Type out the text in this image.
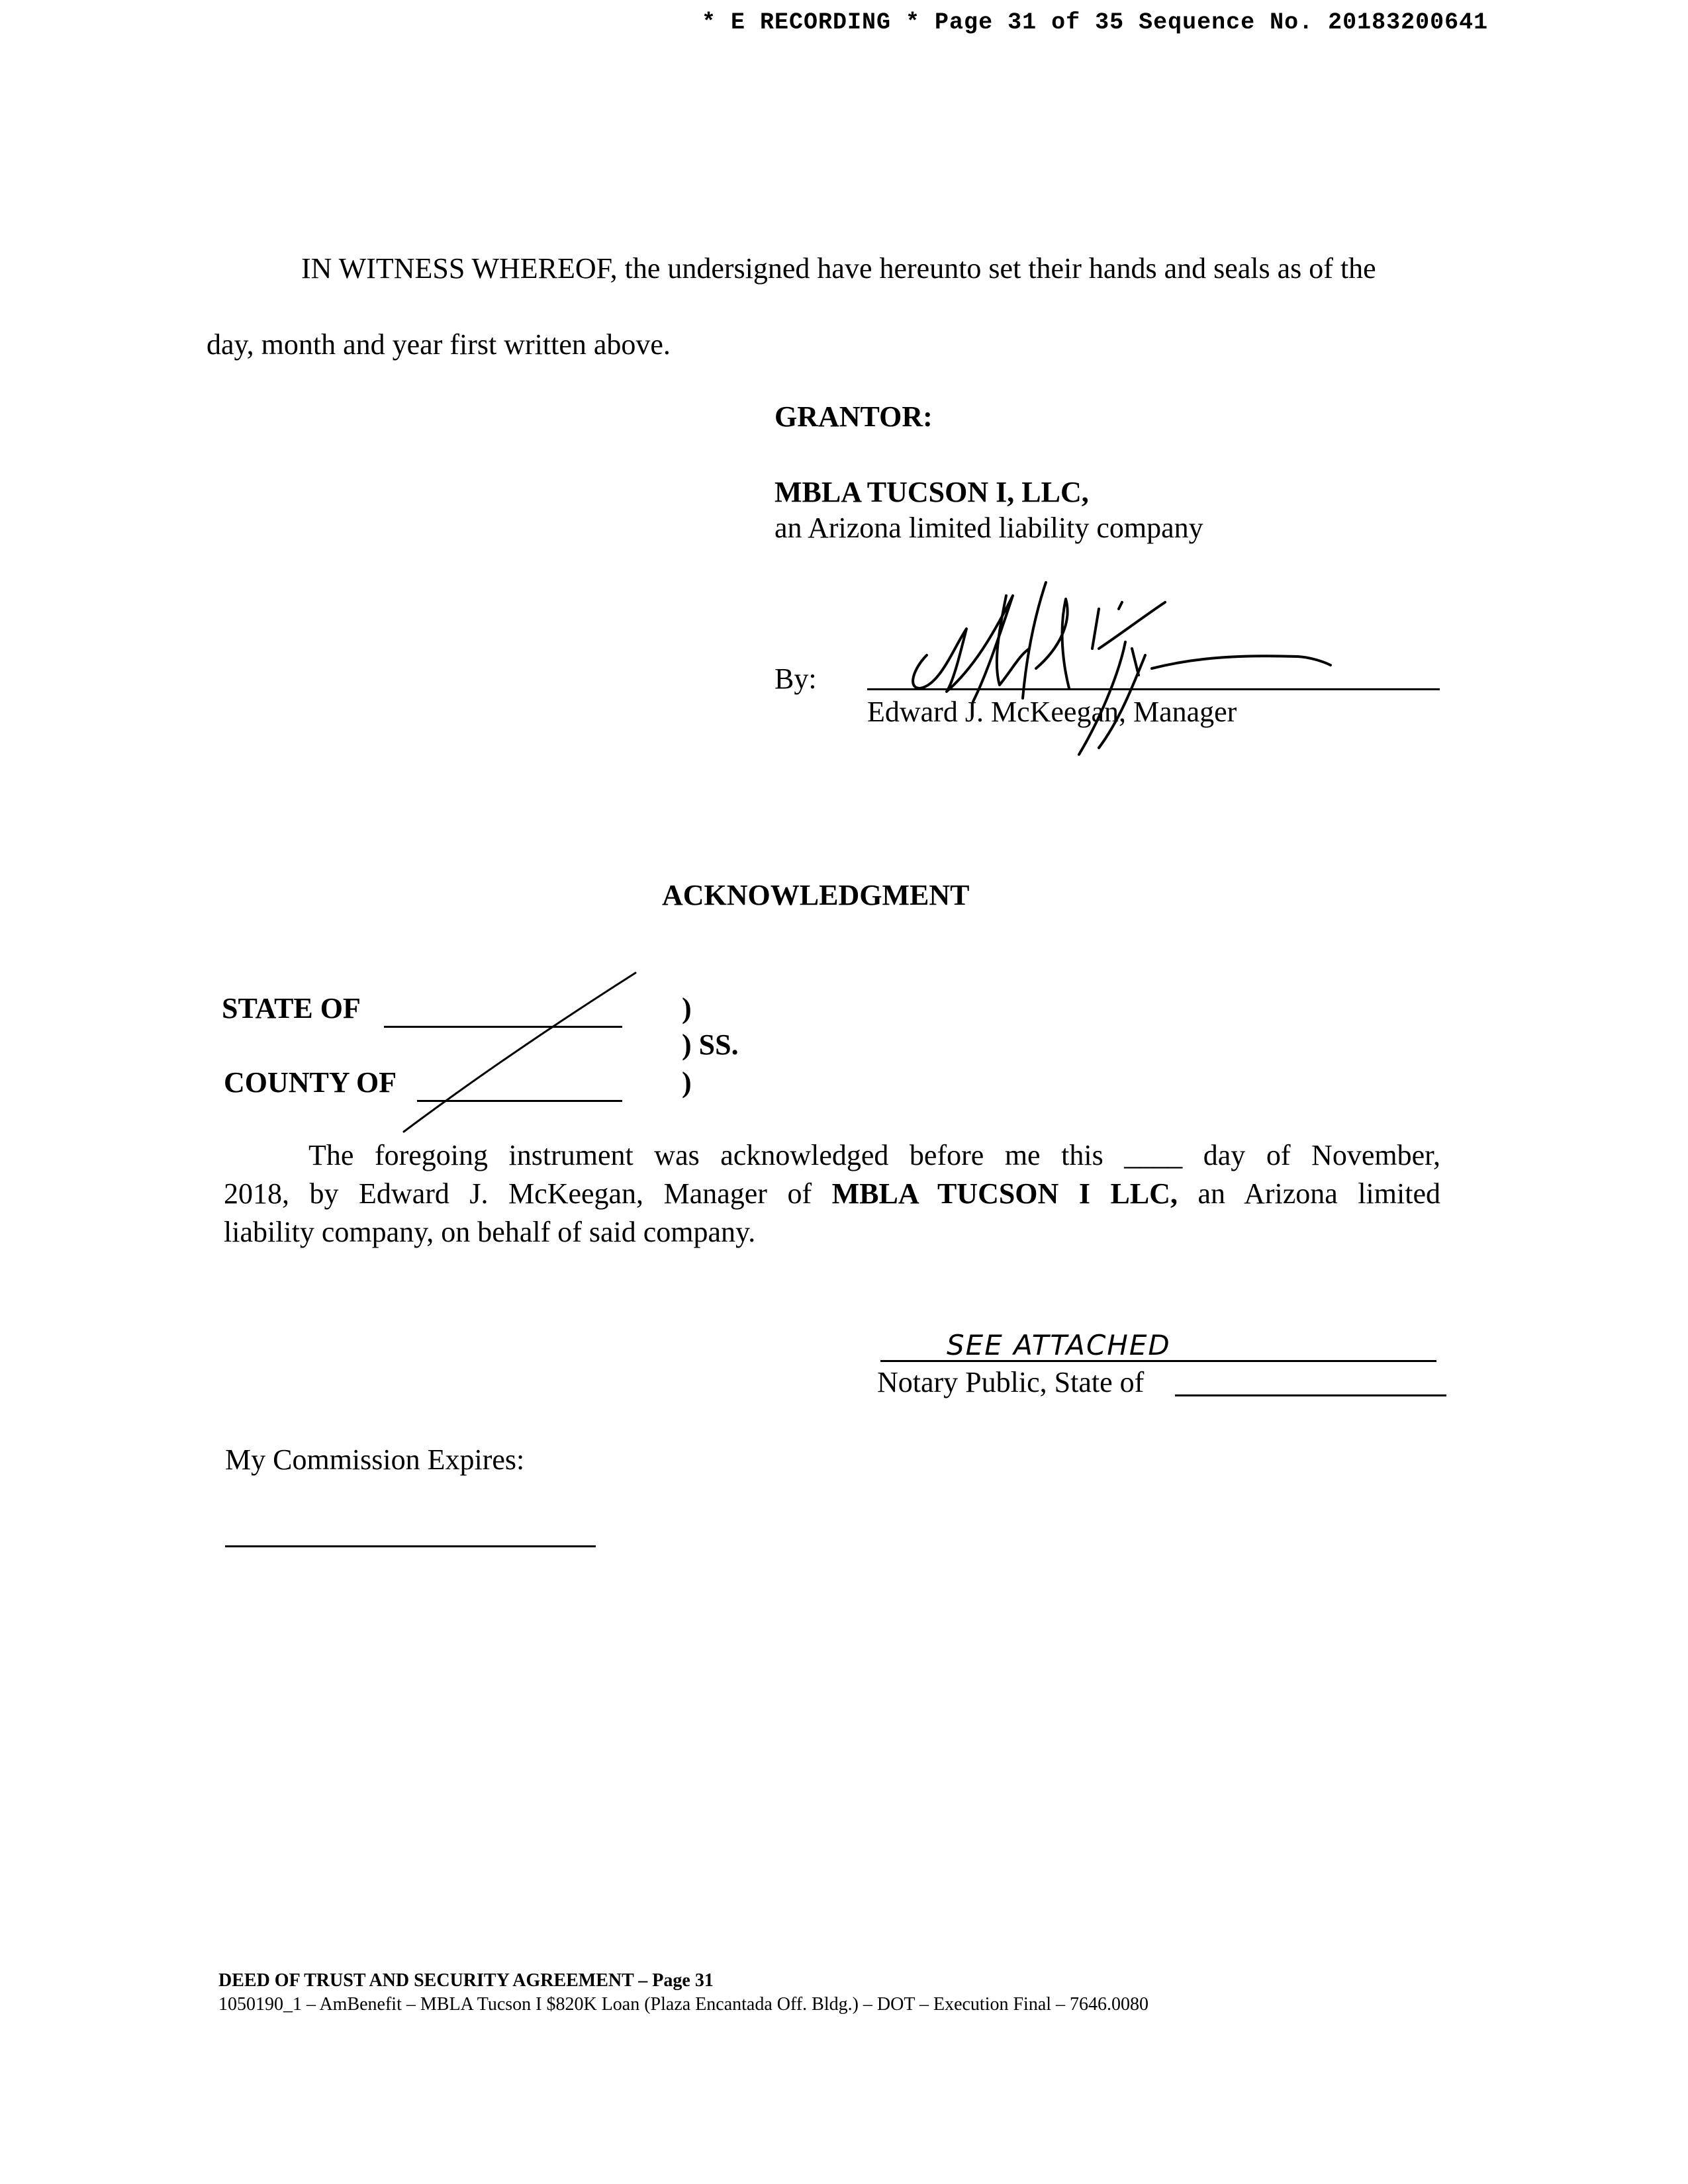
* E RECORDING * Page 31 of 35 Sequence No. 20183200641
IN WITNESS WHEREOF, the undersigned have hereunto set their hands and seals as of the
day, month and year first written above.
GRANTOR:
MBLA TUCSON I, LLC,
an Arizona limited liability company
By:
Edward J. McKeegan, Manager
ACKNOWLEDGMENT
STATE OF
COUNTY OF
)
) SS.
)
The foregoing instrument was acknowledged before me this ____ day of November,
2018, by Edward J. McKeegan, Manager of MBLA TUCSON I LLC, an Arizona limited
liability company, on behalf of said company.
SEE ATTACHED
Notary Public, State of
My Commission Expires:
DEED OF TRUST AND SECURITY AGREEMENT – Page 31
1050190_1 – AmBenefit – MBLA Tucson I $820K Loan (Plaza Encantada Off. Bldg.) – DOT – Execution Final – 7646.0080
